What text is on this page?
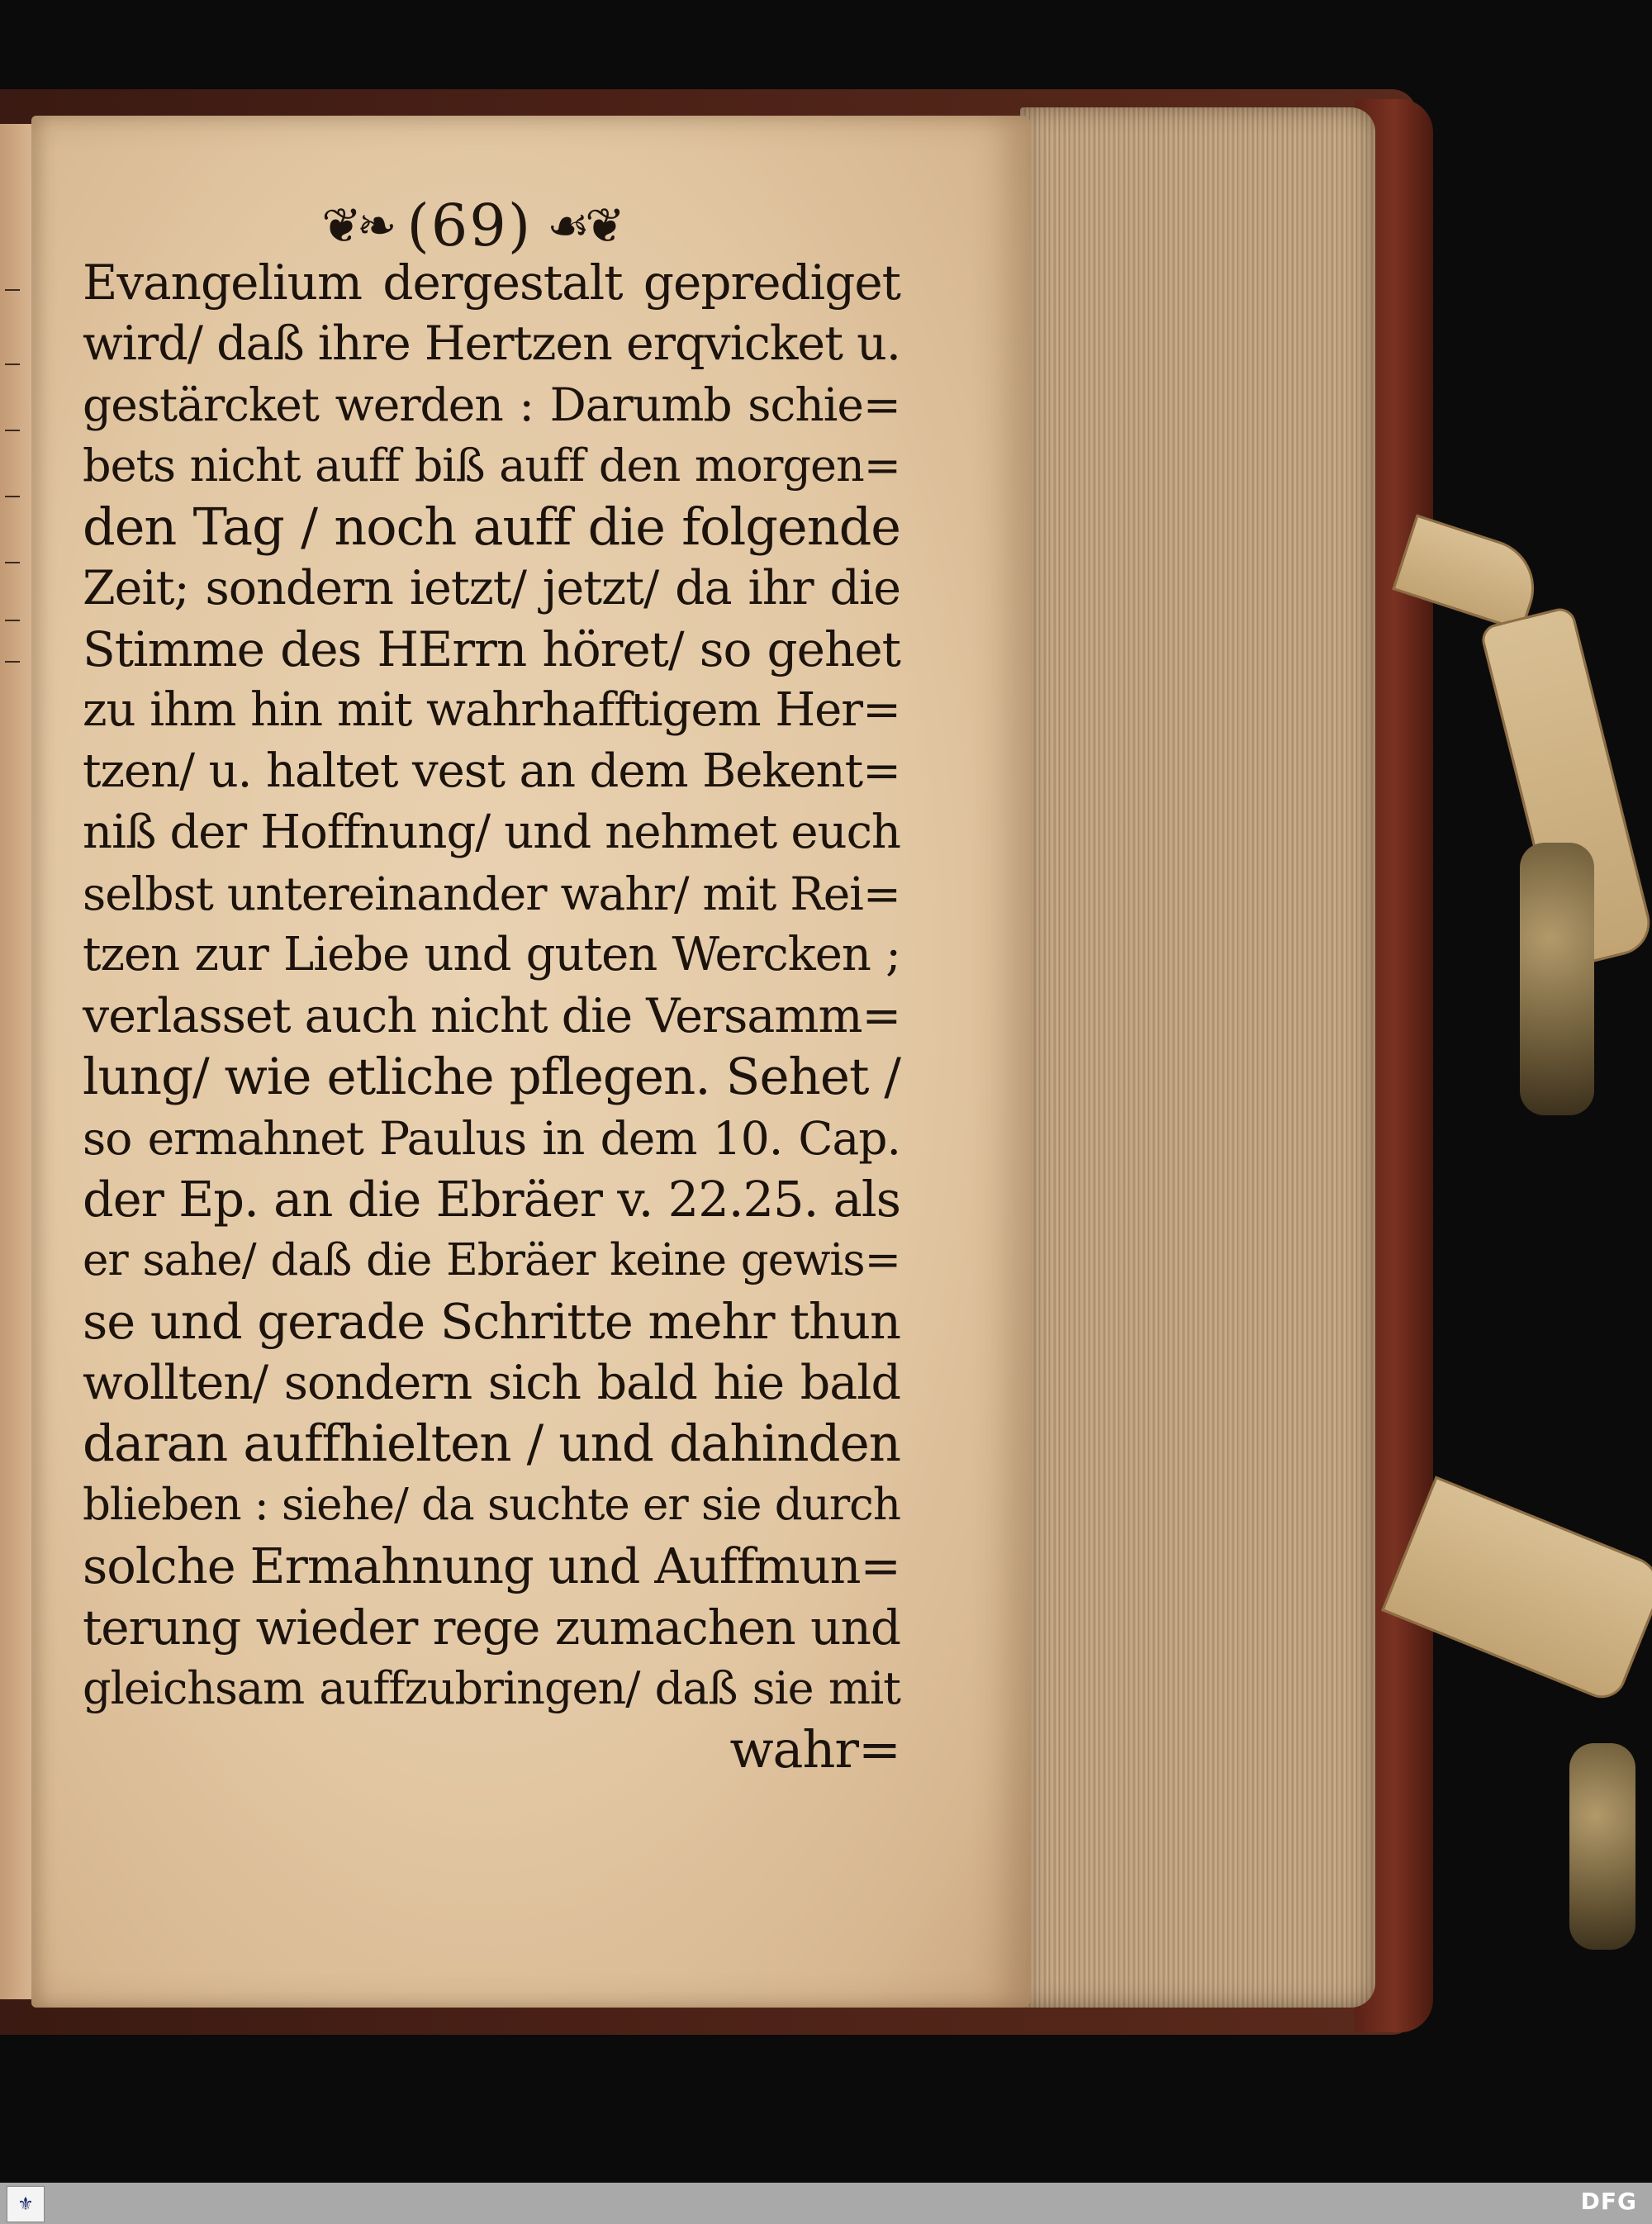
❦❧ (69) ☙❦
Evangelium dergestalt geprediget
wird/ daß ihre Hertzen erqvicket u.
gestärcket werden : Darumb schie=
bets nicht auff biß auff den morgen=
den Tag / noch auff die folgende
Zeit; sondern ietzt/ jetzt/ da ihr die
Stimme des HErrn höret/ so gehet
zu ihm hin mit wahrhafftigem Her=
tzen/ u. haltet vest an dem Bekent=
niß der Hoffnung/ und nehmet euch
selbst untereinander wahr/ mit Rei=
tzen zur Liebe und guten Wercken ;
verlasset auch nicht die Versamm=
lung/ wie etliche pflegen. Sehet /
so ermahnet Paulus in dem 10. Cap.
der Ep. an die Ebräer v. 22.25. als
er sahe/ daß die Ebräer keine gewis=
se und gerade Schritte mehr thun
wollten/ sondern sich bald hie bald
daran auffhielten / und dahinden
blieben : siehe/ da suchte er sie durch
solche Ermahnung und Auffmun=
terung wieder rege zumachen und
gleichsam auffzubringen/ daß sie mit
wahr=
⚜	DFG
